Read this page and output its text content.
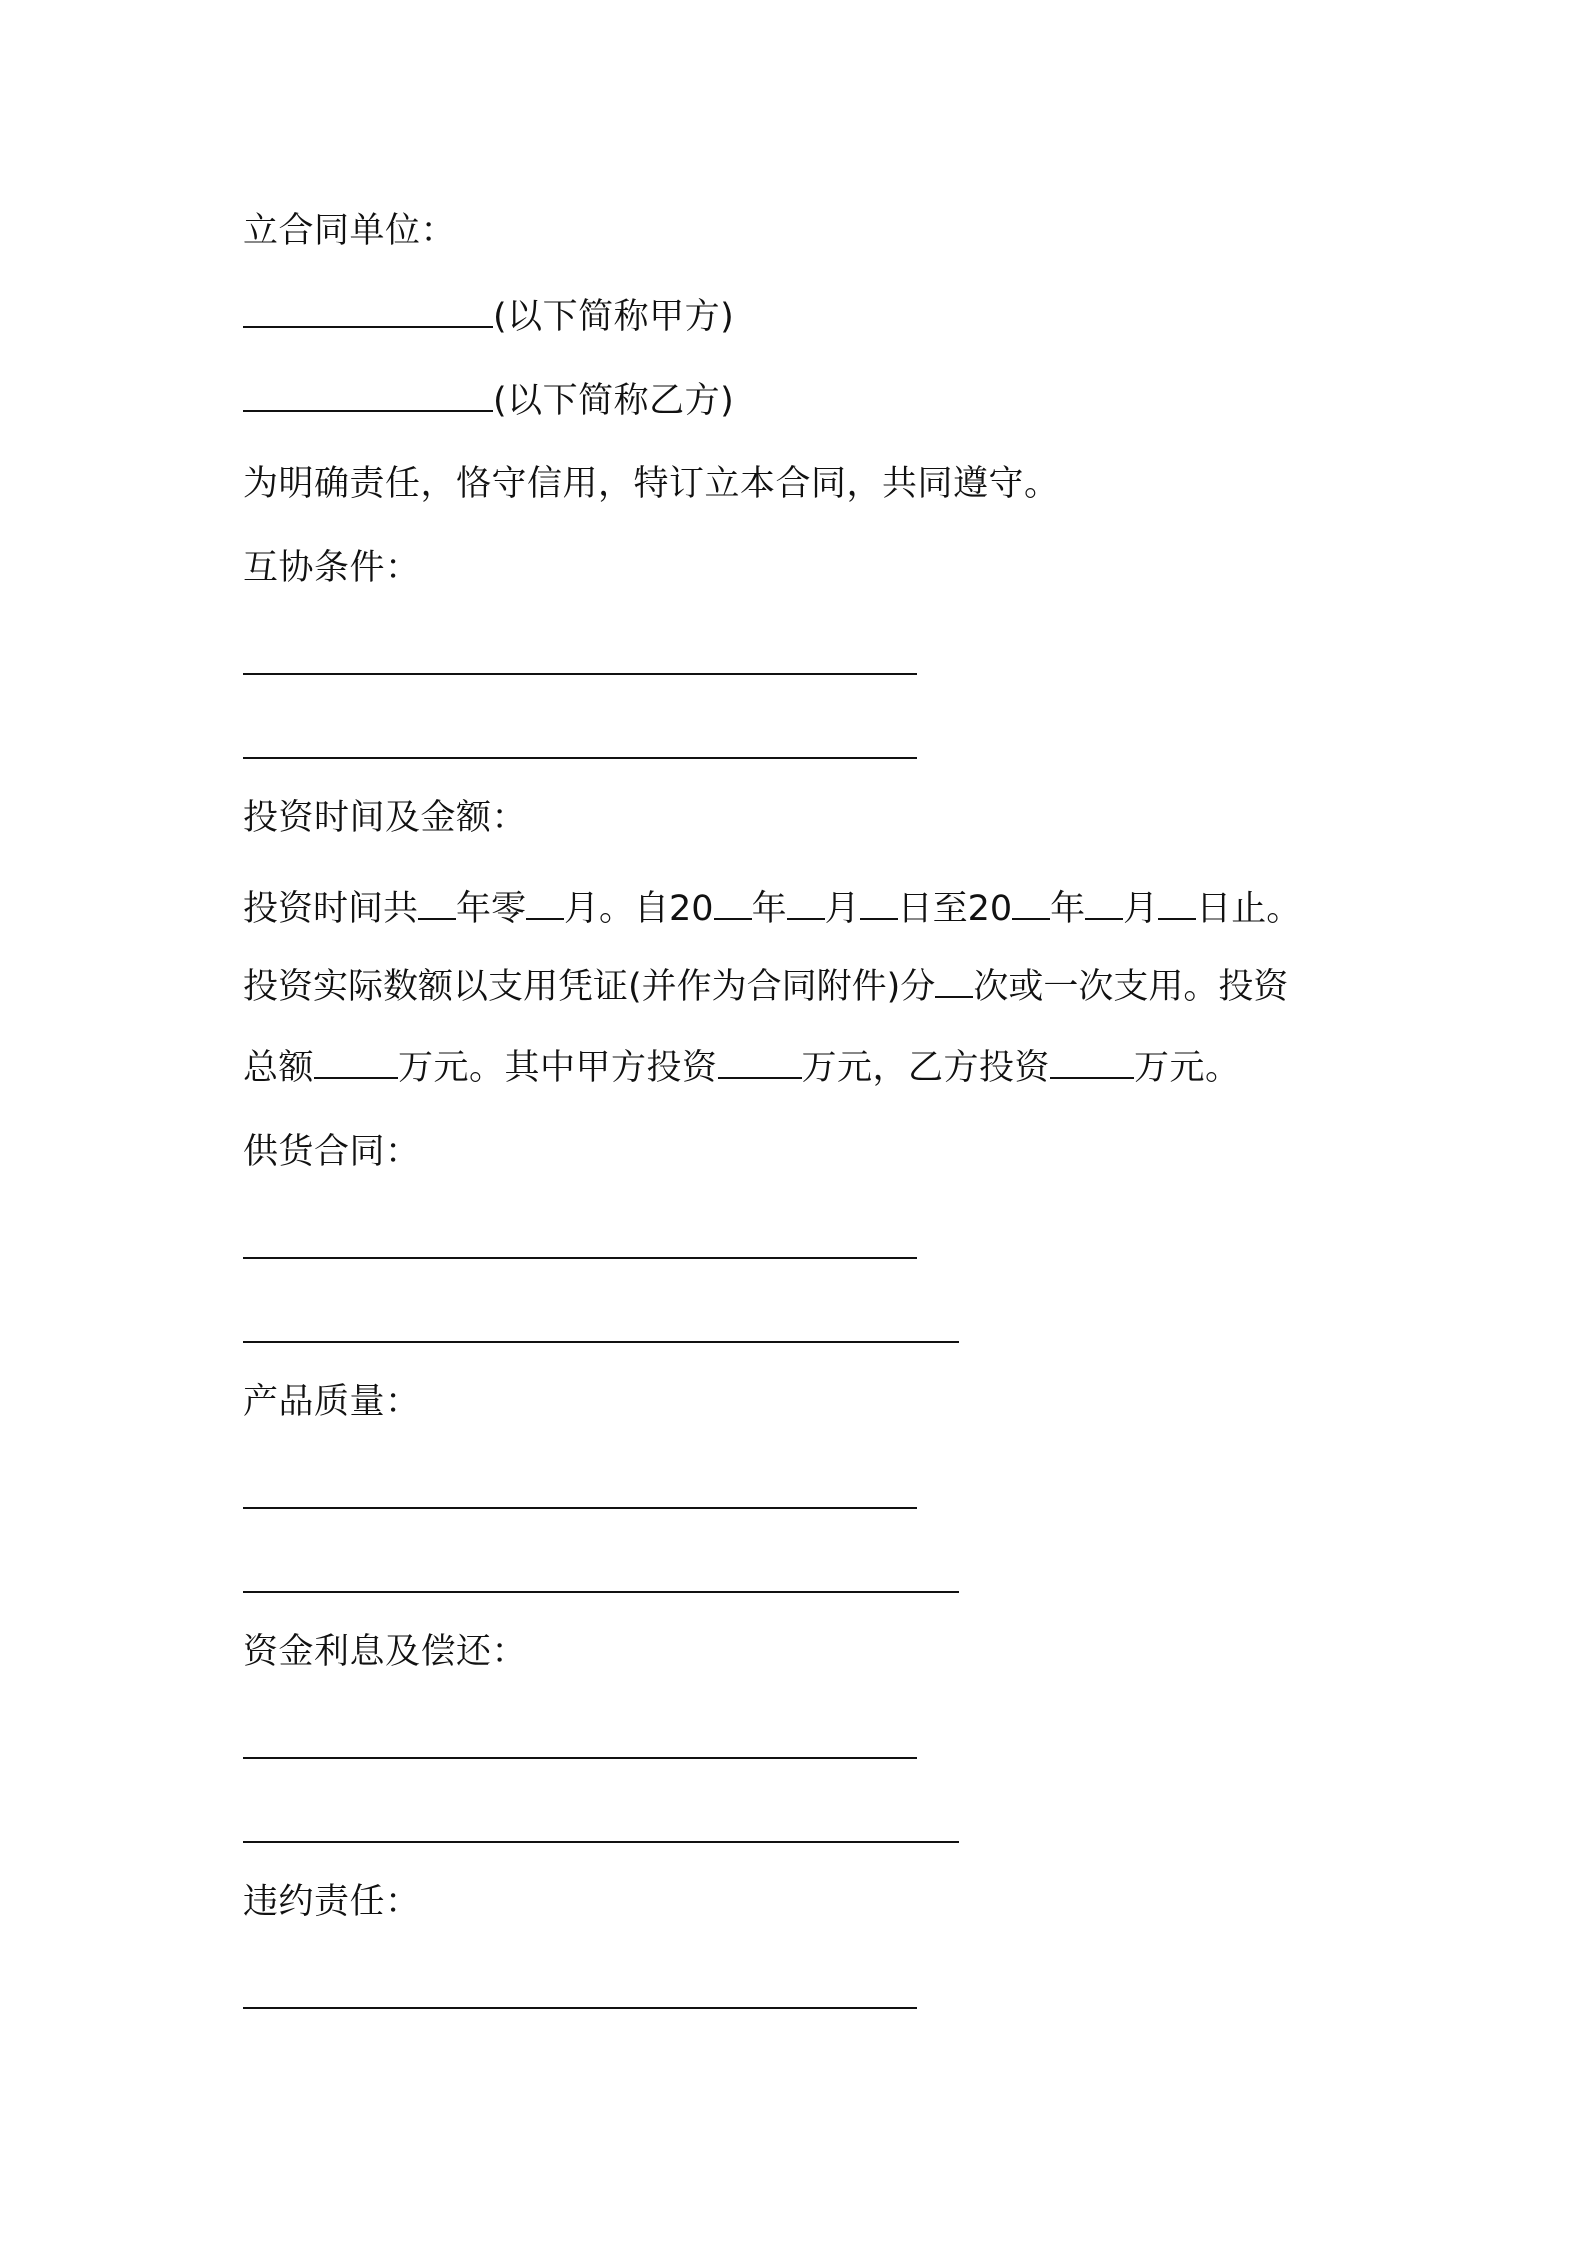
立合同单位：
(以下简称甲方)
(以下简称乙方)
为明确责任，恪守信用，特订立本合同，共同遵守。
互协条件：
投资时间及金额：
投资时间共 年零 月。自20 年 月 日至20 年 月 日止。
投资实际数额以支用凭证(并作为合同附件)分 次或一次支用。投资
总额 万元。其中甲方投资 万元，乙方投资 万元。
供货合同：
产品质量：
资金利息及偿还：
违约责任：
